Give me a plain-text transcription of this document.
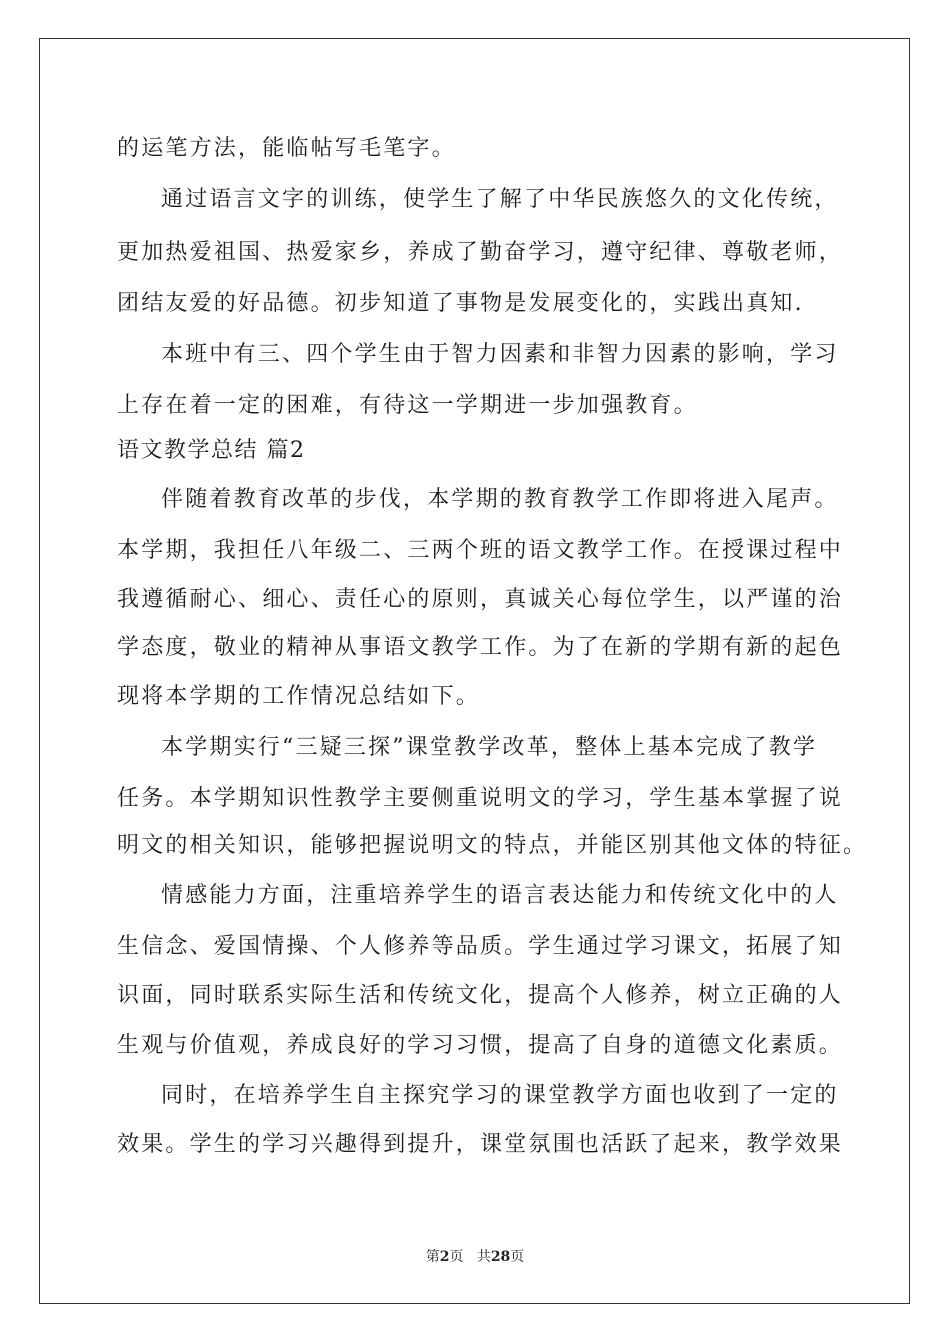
的运笔方法，能临帖写毛笔字。
通过语言文字的训练，使学生了解了中华民族悠久的文化传统，
更加热爱祖国、热爱家乡，养成了勤奋学习，遵守纪律、尊敬老师，
团结友爱的好品德。初步知道了事物是发展变化的，实践出真知.
本班中有三、四个学生由于智力因素和非智力因素的影响，学习
上存在着一定的困难，有待这一学期进一步加强教育。
语文教学总结 篇2
伴随着教育改革的步伐，本学期的教育教学工作即将进入尾声。
本学期，我担任八年级二、三两个班的语文教学工作。在授课过程中
我遵循耐心、细心、责任心的原则，真诚关心每位学生，以严谨的治
学态度，敬业的精神从事语文教学工作。为了在新的学期有新的起色
现将本学期的工作情况总结如下。
本学期实行“三疑三探”课堂教学改革，整体上基本完成了教学
任务。本学期知识性教学主要侧重说明文的学习，学生基本掌握了说
明文的相关知识，能够把握说明文的特点，并能区别其他文体的特征。
情感能力方面，注重培养学生的语言表达能力和传统文化中的人
生信念、爱国情操、个人修养等品质。学生通过学习课文，拓展了知
识面，同时联系实际生活和传统文化，提高个人修养，树立正确的人
生观与价值观，养成良好的学习习惯，提高了自身的道德文化素质。
同时，在培养学生自主探究学习的课堂教学方面也收到了一定的
效果。学生的学习兴趣得到提升，课堂氛围也活跃了起来，教学效果
第2页 共28页
